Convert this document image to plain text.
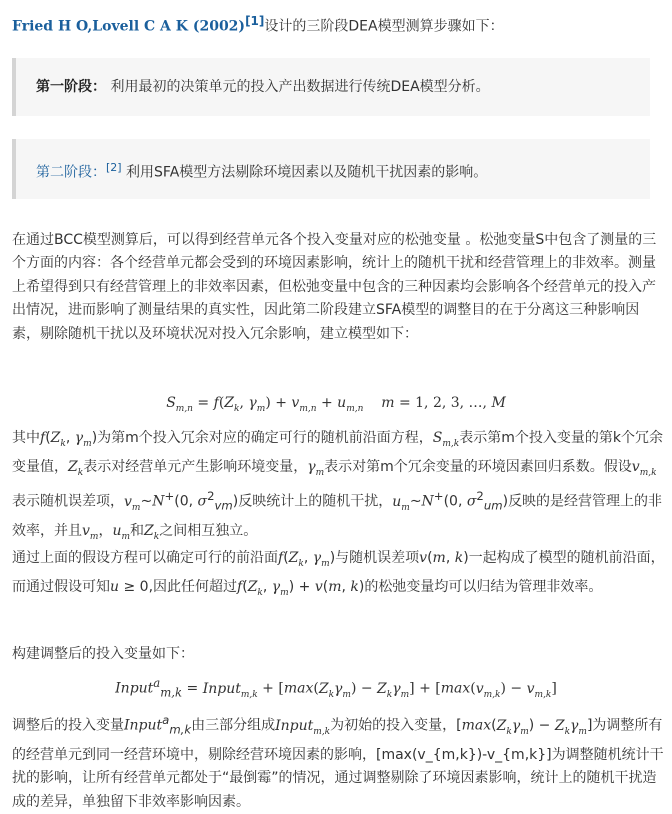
Fried H O,Lovell C A K (2002)[1]设计的三阶段DEA模型测算步骤如下：
第一阶段： 利用最初的决策单元的投入产出数据进行传统DEA模型分析。
第二阶段：[2] 利用SFA模型方法剔除环境因素以及随机干扰因素的影响。
在通过BCC模型测算后，可以得到经营单元各个投入变量对应的松弛变量 。松弛变量S中包含了测量的三个方面的内容：各个经营单元都会受到的环境因素影响，统计上的随机干扰和经营管理上的非效率。测量上希望得到只有经营管理上的非效率因素，但松弛变量中包含的三种因素均会影响各个经营单元的投入产出情况，进而影响了测量结果的真实性，因此第二阶段建立SFA模型的调整目的在于分离这三种影响因素，剔除随机干扰以及环境状况对投入冗余影响，建立模型如下：
$S_{m,n} = f(Z_k$, $\gamma_m) + v_{m,n} + u_{m,n}$ m = 1, 2, 3, …, M
其中$f(Z_k$, $\gamma_m$)为第m个投入冗余对应的确定可行的随机前沿面方程，$S_{m,k}$表示第m个投入变量的第k个冗余变量值，$Z_k$表示对经营单元产生影响环境变量，$\gamma_m$表示对第m个冗余变量的环境因素回归系数。假设$v_{m,k}$表示随机误差项，$v_m\sim N^+(0$, $\sigma^2_{vm}$)反映统计上的随机干扰，$u_m\sim N^+(0$, $\sigma^2_{um}$)反映的是经营管理上的非效率，并且$v_m$，$u_m$和$Z_k$之间相互独立。
通过上面的假设方程可以确定可行的前沿面$f(Z_k$, $\gamma_m$)与随机误差项v(m, k)一起构成了模型的随机前沿面，而通过假设可知u ≥ 0,因此任何超过$f(Z_k$, $\gamma_m) + v(m$, k)的松弛变量均可以归结为管理非效率。
构建调整后的投入变量如下：
Input$^a_{m,k}$ = Input$_{m,k}$ + $[\max(Z_k\gamma_m) - Z_k\gamma_m] + [\max(v_{m,k}) - v_{m,k}]$
调整后的投入变量Input$^a_{m,k}$由三部分组成Input$_{m,k}$为初始的投入变量，$[\max(Z_k\gamma_m) - Z_k\gamma_m]$为调整所有的经营单元到同一经营环境中，剔除经营环境因素的影响，[max(v_{m,k})-v_{m,k}]为调整随机统计干扰的影响，让所有经营单元都处于“最倒霉”的情况，通过调整剔除了环境因素影响，统计上的随机干扰造成的差异，单独留下非效率影响因素。
